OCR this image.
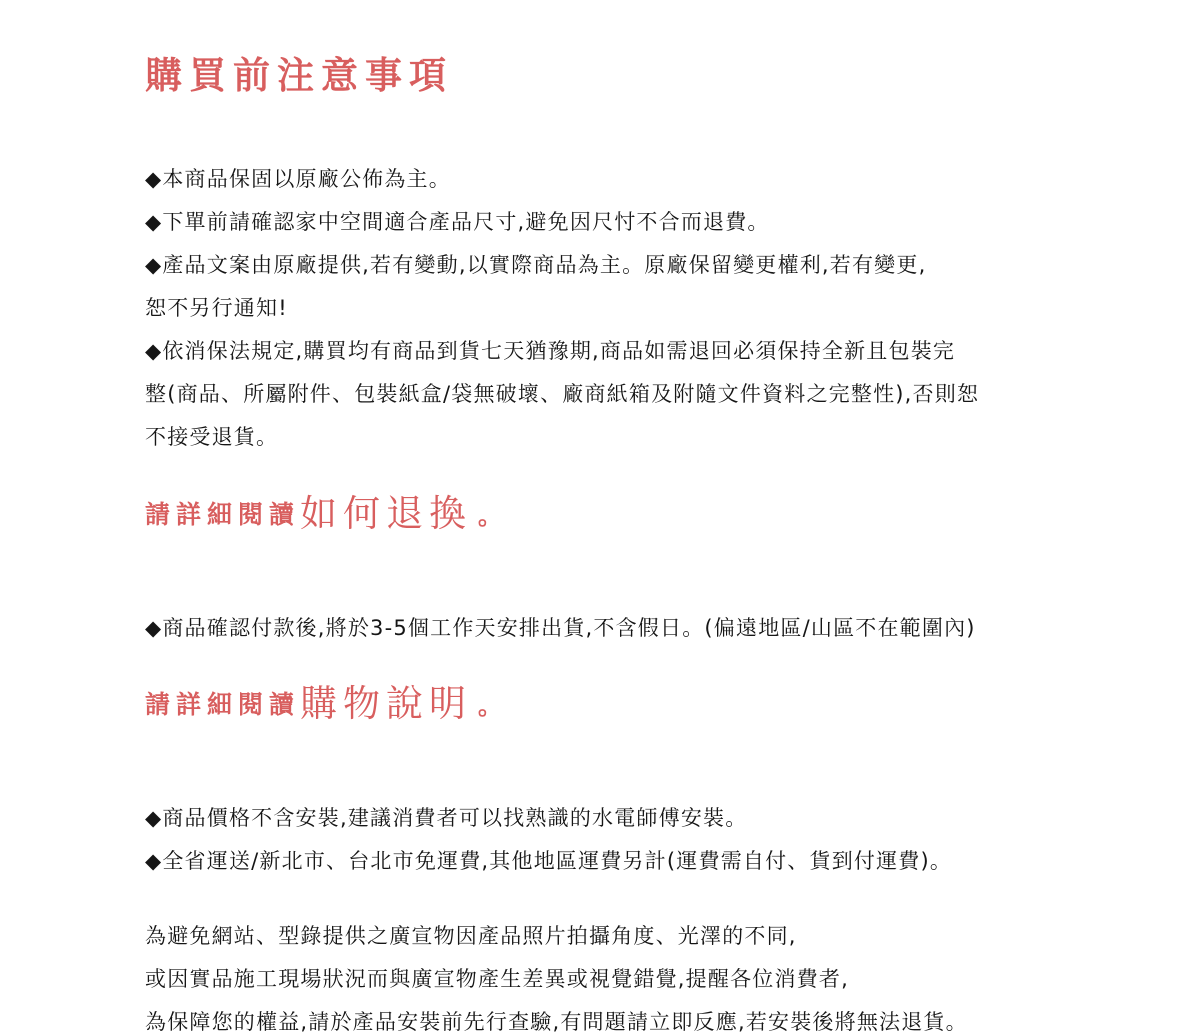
購買前注意事項
◆本商品保固以原廠公佈為主。
◆下單前請確認家中空間適合產品尺寸,避免因尺忖不合而退費。
◆產品文案由原廠提供,若有變動,以實際商品為主。原廠保留變更權利,若有變更,
恕不另行通知!
◆依消保法規定,購買均有商品到貨七天猶豫期,商品如需退回必須保持全新且包裝完
整(商品、所屬附件、包裝紙盒/袋無破壞、廠商紙箱及附隨文件資料之完整性),否則恕
不接受退貨。
請詳細閱讀如何退換 。
◆商品確認付款後,將於3-5個工作天安排出貨,不含假日。(偏遠地區/山區不在範圍內)
請詳細閱讀購物說明 。
◆商品價格不含安裝,建議消費者可以找熟識的水電師傅安裝。
◆全省運送/新北市、台北市免運費,其他地區運費另計(運費需自付、貨到付運費)。
為避免網站、型錄提供之廣宣物因產品照片拍攝角度、光澤的不同,
或因實品施工現場狀況而與廣宣物產生差異或視覺錯覺,提醒各位消費者,
為保障您的權益,請於產品安裝前先行查驗,有問題請立即反應,若安裝後將無法退貨。
